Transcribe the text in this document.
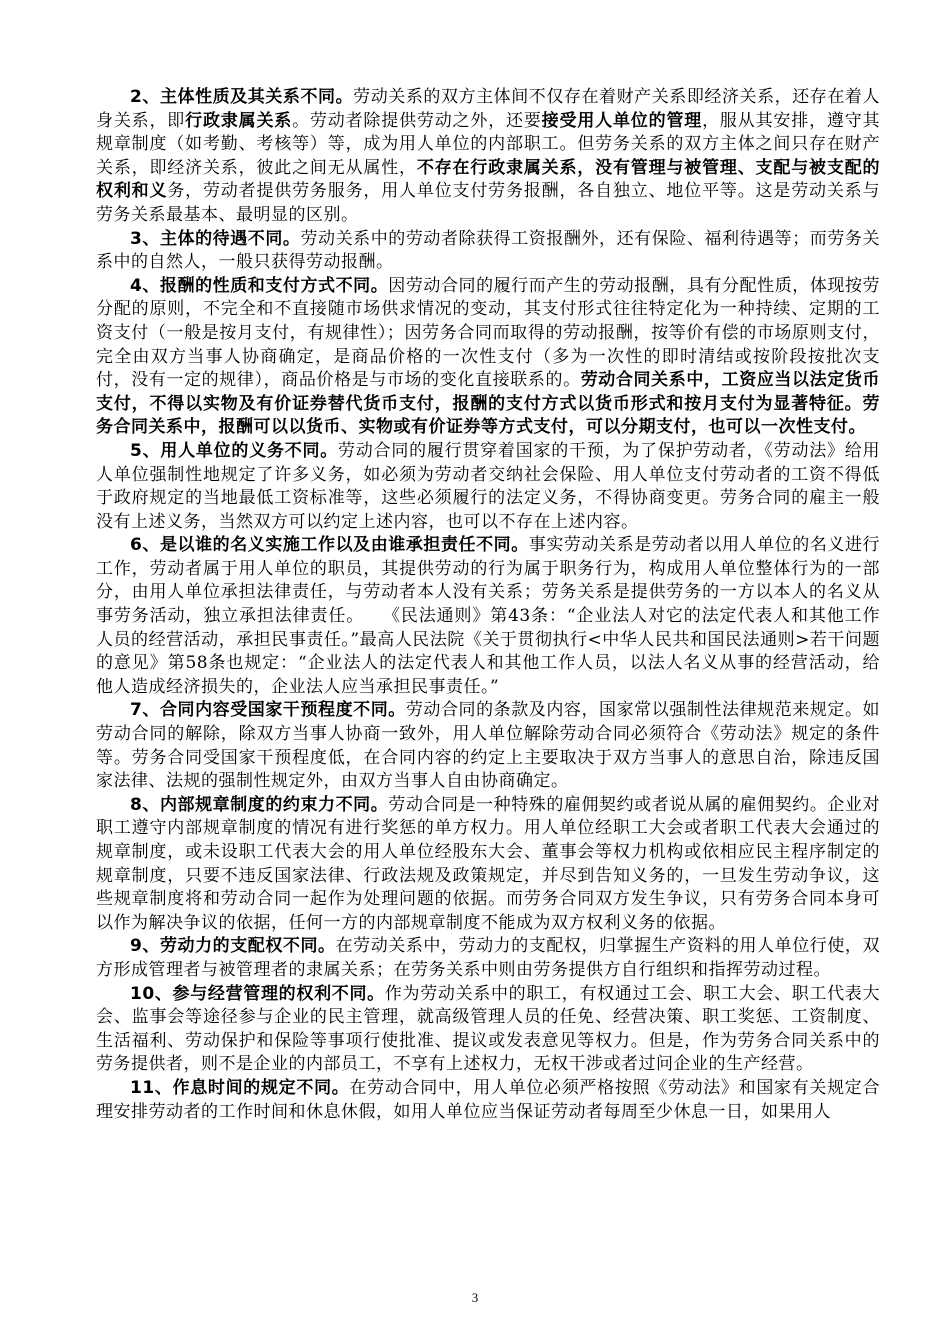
2、主体性质及其关系不同。劳动关系的双方主体间不仅存在着财产关系即经济关系，还存在着人身关系，即行政隶属关系。劳动者除提供劳动之外，还要接受用人单位的管理，服从其安排，遵守其规章制度（如考勤、考核等）等，成为用人单位的内部职工。但劳务关系的双方主体之间只存在财产关系，即经济关系，彼此之间无从属性，不存在行政隶属关系，没有管理与被管理、支配与被支配的权利和义务，劳动者提供劳务服务，用人单位支付劳务报酬，各自独立、地位平等。这是劳动关系与劳务关系最基本、最明显的区别。

3、主体的待遇不同。劳动关系中的劳动者除获得工资报酬外，还有保险、福利待遇等；而劳务关系中的自然人，一般只获得劳动报酬。

4、报酬的性质和支付方式不同。因劳动合同的履行而产生的劳动报酬，具有分配性质，体现按劳分配的原则，不完全和不直接随市场供求情况的变动，其支付形式往往特定化为一种持续、定期的工资支付（一般是按月支付，有规律性）；因劳务合同而取得的劳动报酬，按等价有偿的市场原则支付，完全由双方当事人协商确定，是商品价格的一次性支付（多为一次性的即时清结或按阶段按批次支付，没有一定的规律），商品价格是与市场的变化直接联系的。劳动合同关系中，工资应当以法定货币支付，不得以实物及有价证券替代货币支付，报酬的支付方式以货币形式和按月支付为显著特征。劳务合同关系中，报酬可以以货币、实物或有价证券等方式支付，可以分期支付，也可以一次性支付。

5、用人单位的义务不同。劳动合同的履行贯穿着国家的干预，为了保护劳动者，《劳动法》给用人单位强制性地规定了许多义务，如必须为劳动者交纳社会保险、用人单位支付劳动者的工资不得低于政府规定的当地最低工资标准等，这些必须履行的法定义务，不得协商变更。劳务合同的雇主一般没有上述义务，当然双方可以约定上述内容，也可以不存在上述内容。

6、是以谁的名义实施工作以及由谁承担责任不同。事实劳动关系是劳动者以用人单位的名义进行工作，劳动者属于用人单位的职员，其提供劳动的行为属于职务行为，构成用人单位整体行为的一部分，由用人单位承担法律责任，与劳动者本人没有关系；劳务关系是提供劳务的一方以本人的名义从事劳务活动，独立承担法律责任。　　《民法通则》第43条：“企业法人对它的法定代表人和其他工作人员的经营活动，承担民事责任。”最高人民法院《关于贯彻执行<中华人民共和国民法通则>若干问题的意见》第58条也规定：“企业法人的法定代表人和其他工作人员，以法人名义从事的经营活动，给他人造成经济损失的，企业法人应当承担民事责任。”

7、合同内容受国家干预程度不同。劳动合同的条款及内容，国家常以强制性法律规范来规定。如劳动合同的解除，除双方当事人协商一致外，用人单位解除劳动合同必须符合《劳动法》规定的条件等。劳务合同受国家干预程度低，在合同内容的约定上主要取决于双方当事人的意思自治，除违反国家法律、法规的强制性规定外，由双方当事人自由协商确定。

8、内部规章制度的约束力不同。劳动合同是一种特殊的雇佣契约或者说从属的雇佣契约。企业对职工遵守内部规章制度的情况有进行奖惩的单方权力。用人单位经职工大会或者职工代表大会通过的规章制度，或未设职工代表大会的用人单位经股东大会、董事会等权力机构或依相应民主程序制定的规章制度，只要不违反国家法律、行政法规及政策规定，并尽到告知义务的，一旦发生劳动争议，这些规章制度将和劳动合同一起作为处理问题的依据。而劳务合同双方发生争议，只有劳务合同本身可以作为解决争议的依据，任何一方的内部规章制度不能成为双方权利义务的依据。

9、劳动力的支配权不同。在劳动关系中，劳动力的支配权，归掌握生产资料的用人单位行使，双方形成管理者与被管理者的隶属关系；在劳务关系中则由劳务提供方自行组织和指挥劳动过程。

10、参与经营管理的权利不同。作为劳动关系中的职工，有权通过工会、职工大会、职工代表大会、监事会等途径参与企业的民主管理，就高级管理人员的任免、经营决策、职工奖惩、工资制度、生活福利、劳动保护和保险等事项行使批准、提议或发表意见等权力。但是，作为劳务合同关系中的劳务提供者，则不是企业的内部员工，不享有上述权力，无权干涉或者过问企业的生产经营。

11、作息时间的规定不同。在劳动合同中，用人单位必须严格按照《劳动法》和国家有关规定合理安排劳动者的工作时间和休息休假，如用人单位应当保证劳动者每周至少休息一日，如果用人

3
